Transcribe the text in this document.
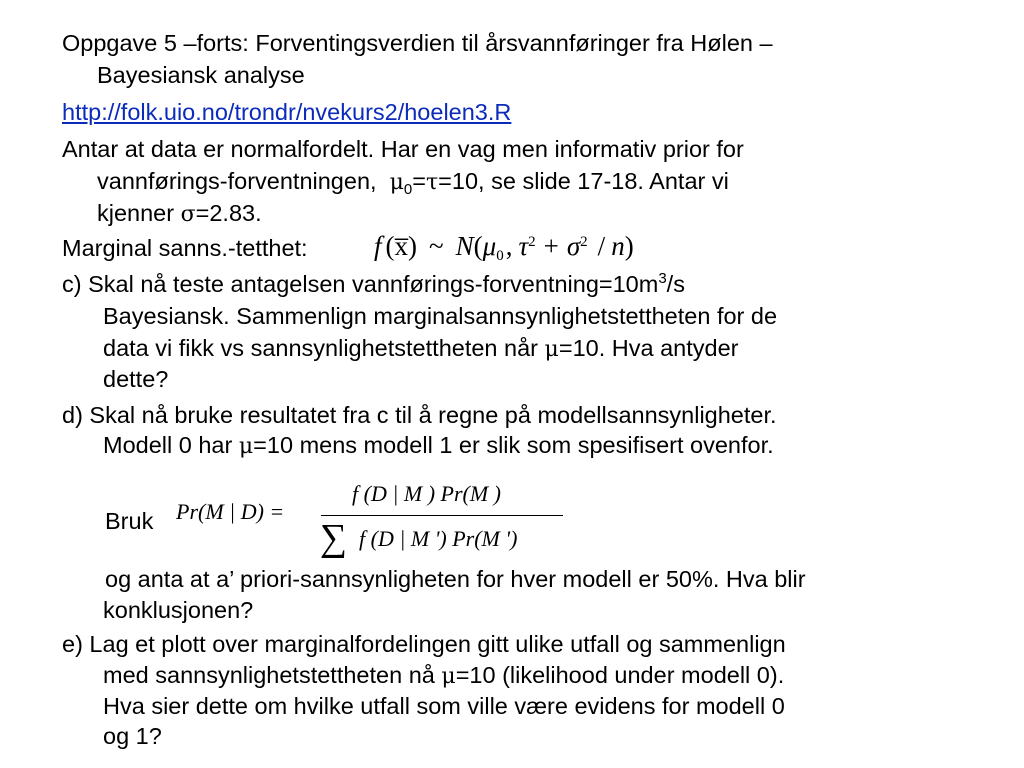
Oppgave 5 –forts: Forventingsverdien til årsvannføringer fra Hølen –
Bayesiansk analyse
http://folk.uio.no/trondr/nvekurs2/hoelen3.R
Antar at data er normalfordelt. Har en vag men informativ prior for
vannførings-forventningen, $\mu_0=\tau=10$, se slide 17-18. Antar vi
kjenner σ=2.83.
Marginal sanns.-tetthet: f (x̅) ~ $N(\mu_0$, $\tau^2 + \sigma^2 / n$)
c) Skal nå teste antagelsen vannførings-$forventning=10m^3/s$
Bayesiansk. Sammenlign marginalsannsynlighetstettheten for de
data vi fikk vs sannsynlighetstettheten når μ=10. Hva antyder
dette?
d) Skal nå bruke resultatet fra c til å regne på modellsannsynligheter.
Modell 0 har μ=10 mens modell 1 er slik som spesifisert ovenfor.
Bruk Pr(M | D) =
f (D | M ) Pr(M )
∑ f (D | M ') Pr(M ')
og anta at a’ priori-sannsynligheten for hver modell er 50%. Hva blir
konklusjonen?
e) Lag et plott over marginalfordelingen gitt ulike utfall og sammenlign
med sannsynlighetstettheten nå μ=10 (likelihood under modell 0).
Hva sier dette om hvilke utfall som ville være evidens for modell 0
og 1?
